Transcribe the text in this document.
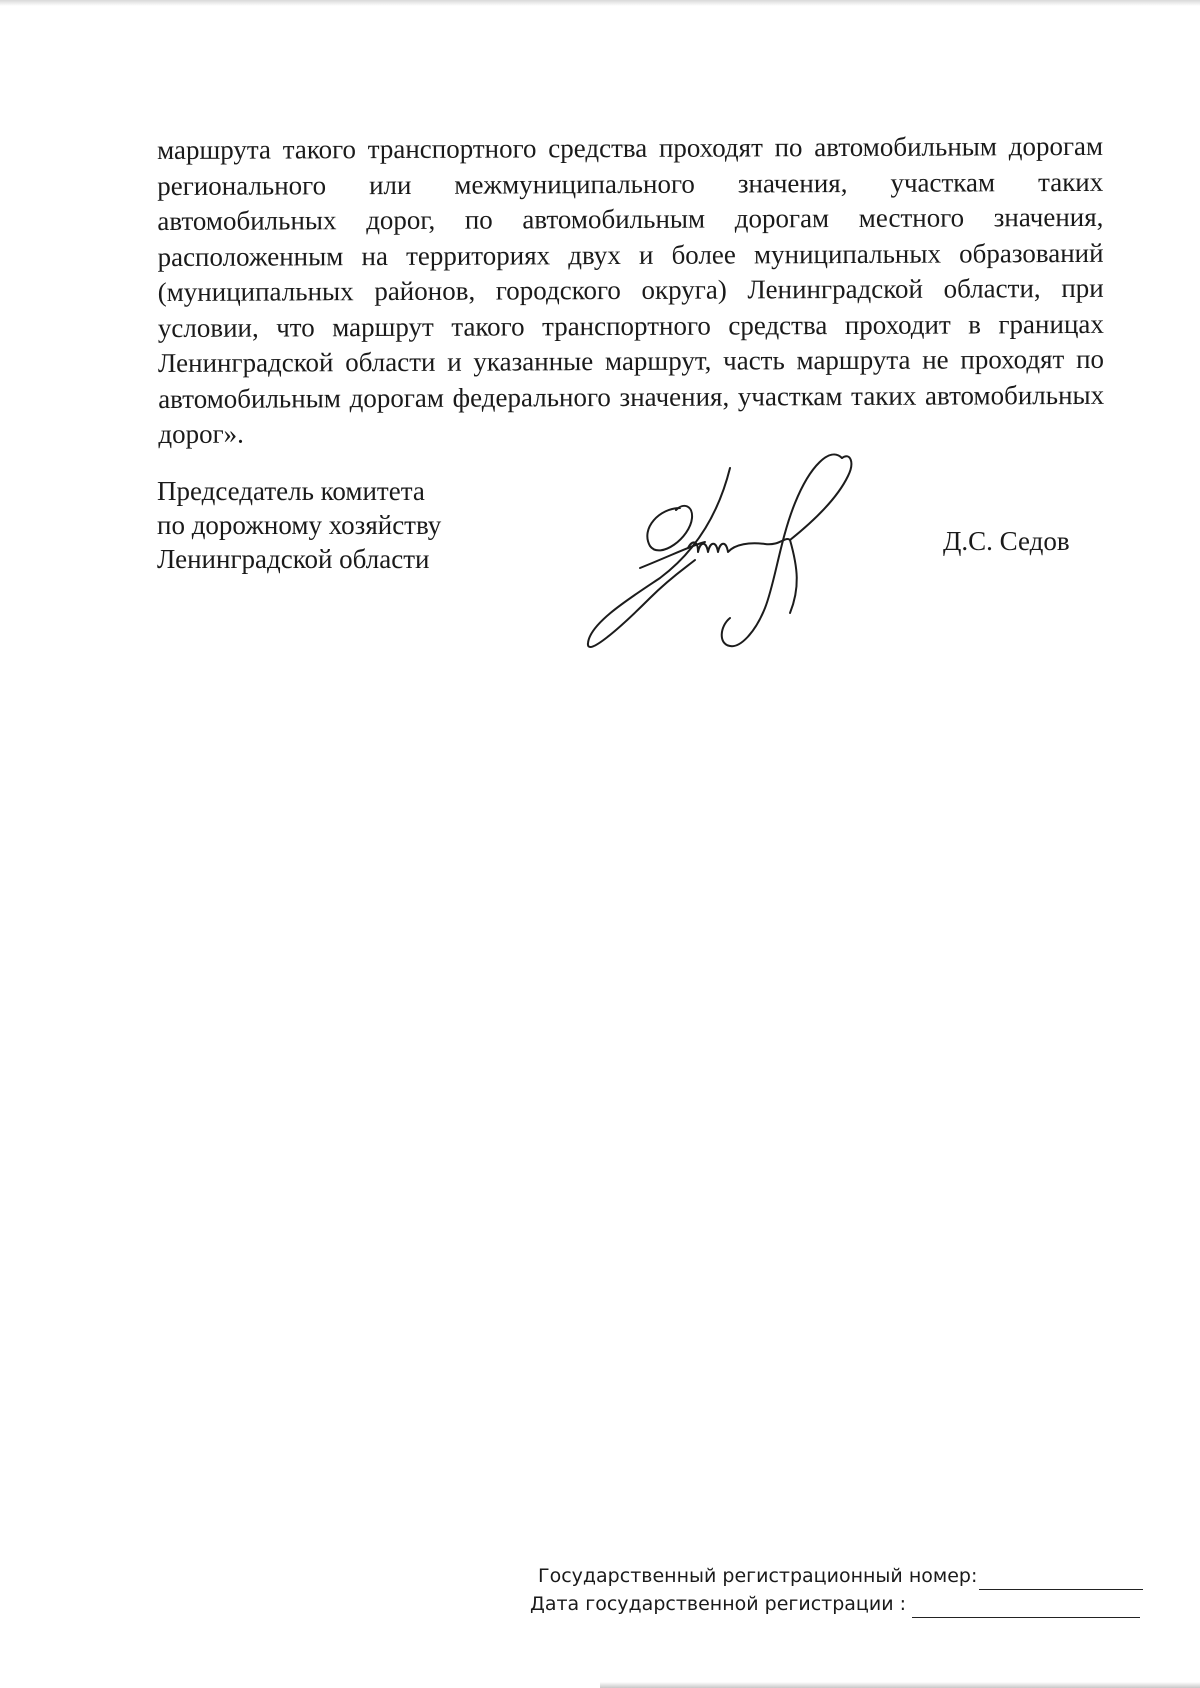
маршрута такого транспортного средства проходят по автомобильным дорогам регионального или межмуниципального значения, участкам таких автомобильных дорог, по автомобильным дорогам местного значения, расположенным на территориях двух и более муниципальных образований (муниципальных районов, городского округа) Ленинградской области, при условии, что маршрут такого транспортного средства проходит в границах Ленинградской области и указанные маршрут, часть маршрута не проходят по автомобильным дорогам федерального значения, участкам таких автомобильных дорог».

Председатель комитета
по дорожному хозяйству
Ленинградской области
Д.С. Седов
Государственный регистрационный номер:
Дата государственной регистрации :
